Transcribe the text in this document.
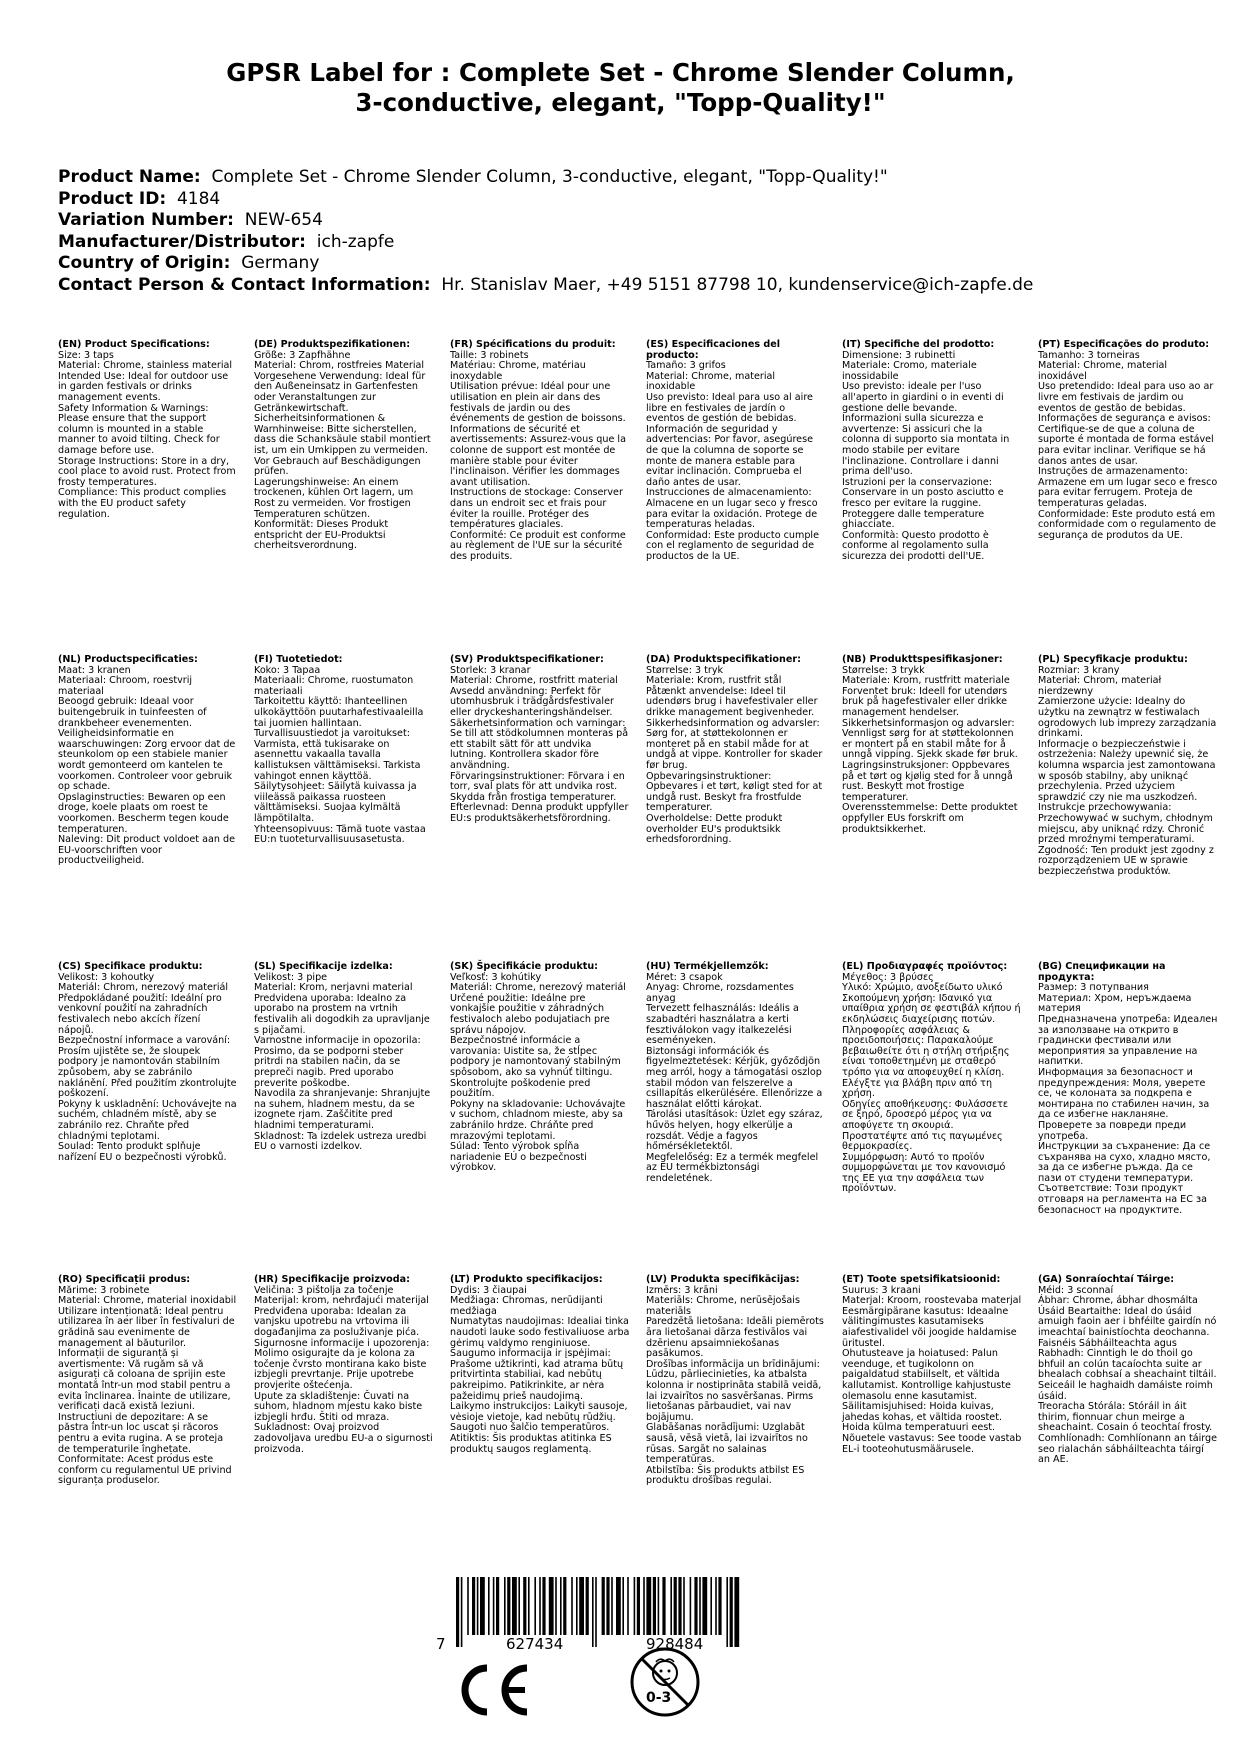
GPSR Label for : Complete Set - Chrome Slender Column,
3-conductive, elegant, "Topp-Quality!"
Product Name: Complete Set - Chrome Slender Column, 3-conductive, elegant, "Topp-Quality!"
Product ID: 4184
Variation Number: NEW-654
Manufacturer/Distributor: ich-zapfe
Country of Origin: Germany
Contact Person & Contact Information: Hr. Stanislav Maer, +49 5151 87798 10, kundenservice@ich-zapfe.de
(EN) Product Specifications:

Size: 3 taps

Material: Chrome, stainless material

Intended Use: Ideal for outdoor use in garden festivals or drinks management events.

Safety Information & Warnings: Please ensure that the support column is mounted in a stable manner to avoid tilting. Check for damage before use.

Storage Instructions: Store in a dry, cool place to avoid rust. Protect from frosty temperatures.

Compliance: This product complies with the EU product safety regulation.

(DE) Produktspezifikationen:

Größe: 3 Zapfhähne

Material: Chrom, rostfreies Material

Vorgesehene Verwendung: Ideal für den Außeneinsatz in Gartenfesten oder Veranstaltungen zur Getränkewirtschaft.

Sicherheitsinformationen & Warnhinweise: Bitte sicherstellen, dass die Schanksäule stabil montiert ist, um ein Umkippen zu vermeiden. Vor Gebrauch auf Beschädigungen prüfen.

Lagerungshinweise: An einem trockenen, kühlen Ort lagern, um Rost zu vermeiden. Vor frostigen Temperaturen schützen.

Konformität: Dieses Produkt entspricht der EU-Produktsi cherheitsverordnung.

(FR) Spécifications du produit:

Taille: 3 robinets

Matériau: Chrome, matériau inoxydable

Utilisation prévue: Idéal pour une utilisation en plein air dans des festivals de jardin ou des événements de gestion de boissons.

Informations de sécurité et avertissements: Assurez-vous que la colonne de support est montée de manière stable pour éviter l'inclinaison. Vérifier les dommages avant utilisation.

Instructions de stockage: Conserver dans un endroit sec et frais pour éviter la rouille. Protéger des températures glaciales.

Conformité: Ce produit est conforme au règlement de l'UE sur la sécurité des produits.

(ES) Especificaciones del producto:

Tamaño: 3 grifos

Material: Chrome, material inoxidable

Uso previsto: Ideal para uso al aire libre en festivales de jardín o eventos de gestión de bebidas.

Información de seguridad y advertencias: Por favor, asegúrese de que la columna de soporte se monte de manera estable para evitar inclinación. Comprueba el daño antes de usar.

Instrucciones de almacenamiento: Almacene en un lugar seco y fresco para evitar la oxidación. Protege de temperaturas heladas.

Conformidad: Este producto cumple con el reglamento de seguridad de productos de la UE.

(IT) Specifiche del prodotto:

Dimensione: 3 rubinetti

Materiale: Cromo, materiale inossidabile

Uso previsto: ideale per l'uso all'aperto in giardini o in eventi di gestione delle bevande.

Informazioni sulla sicurezza e avvertenze: Si assicuri che la colonna di supporto sia montata in modo stabile per evitare l'inclinazione. Controllare i danni prima dell'uso.

Istruzioni per la conservazione: Conservare in un posto asciutto e fresco per evitare la ruggine. Proteggere dalle temperature ghiacciate.

Conformità: Questo prodotto è conforme al regolamento sulla sicurezza dei prodotti dell'UE.

(PT) Especificações do produto:

Tamanho: 3 torneiras

Material: Chrome, material inoxidável

Uso pretendido: Ideal para uso ao ar livre em festivais de jardim ou eventos de gestão de bebidas.

Informações de segurança e avisos: Certifique-se de que a coluna de suporte é montada de forma estável para evitar inclinar. Verifique se há danos antes de usar.

Instruções de armazenamento: Armazene em um lugar seco e fresco para evitar ferrugem. Proteja de temperaturas geladas.

Conformidade: Este produto está em conformidade com o regulamento de segurança de produtos da UE.

(NL) Productspecificaties:

Maat: 3 kranen

Materiaal: Chroom, roestvrij materiaal

Beoogd gebruik: Ideaal voor buitengebruik in tuinfeesten of drankbeheer evenementen.

Veiligheidsinformatie en waarschuwingen: Zorg ervoor dat de steunkolom op een stabiele manier wordt gemonteerd om kantelen te voorkomen. Controleer voor gebruik op schade.

Opslaginstructies: Bewaren op een droge, koele plaats om roest te voorkomen. Bescherm tegen koude temperaturen.

Naleving: Dit product voldoet aan de EU-voorschriften voor productveiligheid.

(FI) Tuotetiedot:

Koko: 3 Tapaa

Materiaali: Chrome, ruostumaton materiaali

Tarkoitettu käyttö: Ihanteellinen ulkokäyttöön puutarhafestivaaleilla tai juomien hallintaan.

Turvallisuustiedot ja varoitukset: Varmista, että tukisarake on asennettu vakaalla tavalla kallistuksen välttämiseksi. Tarkista vahingot ennen käyttöä.

Säilytysohjeet: Säilytä kuivassa ja viileässä paikassa ruosteen välttämiseksi. Suojaa kylmältä lämpötilalta.

Yhteensopivuus: Tämä tuote vastaa EU:n tuoteturvallisuusasetusta.

(SV) Produktspecifikationer:

Storlek: 3 kranar

Material: Chrome, rostfritt material

Avsedd användning: Perfekt för utomhusbruk i trädgårdsfestivaler eller dryckeshanteringshändelser.

Säkerhetsinformation och varningar: Se till att stödkolumnen monteras på ett stabilt sätt för att undvika lutning. Kontrollera skador före användning.

Förvaringsinstruktioner: Förvara i en torr, sval plats för att undvika rost. Skydda från frostiga temperaturer.

Efterlevnad: Denna produkt uppfyller EU:s produktsäkerhetsförordning.

(DA) Produktspecifikationer:

Størrelse: 3 tryk

Materiale: Krom, rustfrit stål

Påtænkt anvendelse: Ideel til udendørs brug i havefestivaler eller drikke management begivenheder.

Sikkerhedsinformation og advarsler: Sørg for, at støttekolonnen er monteret på en stabil måde for at undgå at vippe. Kontroller for skader før brug.

Opbevaringsinstruktioner: Opbevares i et tørt, køligt sted for at undgå rust. Beskyt fra frostfulde temperaturer.

Overholdelse: Dette produkt overholder EU's produktsikk erhedsforordning.

(NB) Produkttspesifikasjoner:

Størrelse: 3 trykk

Materiale: Krom, rustfritt materiale

Forventet bruk: Ideell for utendørs bruk på hagefestivaler eller drikke management hendelser.

Sikkerhetsinformasjon og advarsler: Vennligst sørg for at støttekolonnen er montert på en stabil måte for å unngå vipping. Sjekk skade før bruk.

Lagringsinstruksjoner: Oppbevares på et tørt og kjølig sted for å unngå rust. Beskytt mot frostige temperaturer.

Overensstemmelse: Dette produktet oppfyller EUs forskrift om produktsikkerhet.

(PL) Specyfikacje produktu:

Rozmiar: 3 krany

Materiał: Chrom, materiał nierdzewny

Zamierzone użycie: Idealny do użytku na zewnątrz w festiwalach ogrodowych lub imprezy zarządzania drinkami.

Informacje o bezpieczeństwie i ostrzeżenia: Należy upewnić się, że kolumna wsparcia jest zamontowana w sposób stabilny, aby uniknąć przechylenia. Przed użyciem sprawdzić czy nie ma uszkodzeń.

Instrukcje przechowywania: Przechowywać w suchym, chłodnym miejscu, aby uniknąć rdzy. Chronić przed mroźnymi temperaturami.

Zgodność: Ten produkt jest zgodny z rozporządzeniem UE w sprawie bezpieczeństwa produktów.

(CS) Specifikace produktu:

Velikost: 3 kohoutky

Materiál: Chrom, nerezový materiál

Předpokládané použití: Ideální pro venkovní použití na zahradních festivalech nebo akcích řízení nápojů.

Bezpečnostní informace a varování: Prosím ujistěte se, že sloupek podpory je namontován stabilním způsobem, aby se zabránilo naklánění. Před použitím zkontrolujte poškození.

Pokyny k uskladnění: Uchovávejte na suchém, chladném místě, aby se zabránilo rez. Chraňte před chladnými teplotami.

Soulad: Tento produkt splňuje nařízení EU o bezpečnosti výrobků.

(SL) Specifikacije izdelka:

Velikost: 3 pipe

Material: Krom, nerjavni material

Predvidena uporaba: Idealno za uporabo na prostem na vrtnih festivalih ali dogodkih za upravljanje s pijačami.

Varnostne informacije in opozorila: Prosimo, da se podporni steber pritrdi na stabilen način, da se prepreči nagib. Pred uporabo preverite poškodbe.

Navodila za shranjevanje: Shranjujte na suhem, hladnem mestu, da se izognete rjam. Zaščitite pred hladnimi temperaturami.

Skladnost: Ta izdelek ustreza uredbi EU o varnosti izdelkov.

(SK) Špecifikácie produktu:

Veľkosť: 3 kohútiky

Materiál: Chrome, nerezový materiál

Určené použitie: Ideálne pre vonkajšie použitie v záhradných festivaloch alebo podujatiach pre správu nápojov.

Bezpečnostné informácie a varovania: Uistite sa, že stĺpec podpory je namontovaný stabilným spôsobom, ako sa vyhnúť tiltingu. Skontrolujte poškodenie pred použitím.

Pokyny na skladovanie: Uchovávajte v suchom, chladnom mieste, aby sa zabránilo hrdze. Chráňte pred mrazovými teplotami.

Súlad: Tento výrobok spĺňa nariadenie EÚ o bezpečnosti výrobkov.

(HU) Termékjellemzők:

Méret: 3 csapok

Anyag: Chrome, rozsdamentes anyag

Tervezett felhasználás: Ideális a szabadtéri használatra a kerti fesztiválokon vagy italkezelési eseményeken.

Biztonsági információk és figyelmeztetések: Kérjük, győződjön meg arról, hogy a támogatási oszlop stabil módon van felszerelve a csillapítás elkerülésére. Ellenőrizze a használat előtti károkat.

Tárolási utasítások: Üzlet egy száraz, hűvös helyen, hogy elkerülje a rozsdát. Védje a fagyos hőmérsékletektől.

Megfelelőség: Ez a termék megfelel az EU termékbiztonsági rendeletének.

(EL) Προδιαγραφές προϊόντος:

Μέγεθος: 3 βρύσες

Υλικό: Χρώμιο, ανοξείδωτο υλικό

Σκοπούμενη χρήση: Ιδανικό για υπαίθρια χρήση σε φεστιβάλ κήπου ή εκδηλώσεις διαχείρισης ποτών.

Πληροφορίες ασφάλειας & προειδοποιήσεις: Παρακαλούμε βεβαιωθείτε ότι η στήλη στήριξης είναι τοποθετημένη με σταθερό τρόπο για να αποφευχθεί η κλίση. Ελέγξτε για βλάβη πριν από τη χρήση.

Οδηγίες αποθήκευσης: Φυλάσσετε σε ξηρό, δροσερό μέρος για να αποφύγετε τη σκουριά. Προστατέψτε από τις παγωμένες θερμοκρασίες.

Συμμόρφωση: Αυτό το προϊόν συμμορφώνεται με τον κανονισμό της ΕΕ για την ασφάλεια των προϊόντων.

(BG) Спецификации на продукта:

Размер: 3 потупвания

Материал: Хром, неръждаема материя

Предназначена употреба: Идеален за използване на открито в градински фестивали или мероприятия за управление на напитки.

Информация за безопасност и предупреждения: Моля, уверете се, че колоната за подкрепа е монтирана по стабилен начин, за да се избегне накланяне. Проверете за повреди преди употреба.

Инструкции за съхранение: Да се съхранява на сухо, хладно място, за да се избегне ръжда. Да се пази от студени температури.

Съответствие: Този продукт отговаря на регламента на ЕС за безопасност на продуктите.

(RO) Specificații produs:

Mărime: 3 robinete

Material: Chrome, material inoxidabil

Utilizare intenționată: Ideal pentru utilizarea în aer liber în festivaluri de grădină sau evenimente de management al băuturilor.

Informații de siguranță și avertismente: Vă rugăm să vă asigurați că coloana de sprijin este montată într-un mod stabil pentru a evita înclinarea. Înainte de utilizare, verificați dacă există leziuni.

Instrucțiuni de depozitare: A se păstra într-un loc uscat și răcoros pentru a evita rugina. A se proteja de temperaturile înghețate.

Conformitate: Acest produs este conform cu regulamentul UE privind siguranța produselor.

(HR) Specifikacije proizvoda:

Veličina: 3 pištolja za točenje

Materijal: krom, nehrđajući materijal

Predviđena uporaba: Idealan za vanjsku upotrebu na vrtovima ili događanjima za posluživanje pića.

Sigurnosne informacije i upozorenja: Molimo osigurajte da je kolona za točenje čvrsto montirana kako biste izbjegli prevrtanje. Prije upotrebe provjerite oštećenja.

Upute za skladištenje: Čuvati na suhom, hladnom mjestu kako biste izbjegli hrđu. Štiti od mraza.

Sukladnost: Ovaj proizvod zadovoljava uredbu EU-a o sigurnosti proizvoda.

(LT) Produkto specifikacijos:

Dydis: 3 čiaupai

Medžiaga: Chromas, nerūdijanti medžiaga

Numatytas naudojimas: Idealiai tinka naudoti lauke sodo festivaliuose arba gėrimų valdymo renginiuose.

Saugumo informacija ir įspėjimai: Prašome užtikrinti, kad atrama būtų pritvirtinta stabiliai, kad nebūtų pakreipimo. Patikrinkite, ar nėra pažeidimų prieš naudojimą.

Laikymo instrukcijos: Laikyti sausoje, vėsioje vietoje, kad nebūtų rūdžių. Saugoti nuo šalčio temperatūros.

Atitiktis: Šis produktas atitinka ES produktų saugos reglamentą.

(LV) Produkta specifikācijas:

Izmērs: 3 krāni

Materiāls: Chrome, nerūsējošais materiāls

Paredzētā lietošana: Ideāli piemērots āra lietošanai dārza festivālos vai dzērienu apsaimniekošanas pasākumos.

Drošības informācija un brīdinājumi: Lūdzu, pārliecinieties, ka atbalsta kolonna ir nostiprināta stabilā veidā, lai izvairītos no sasvēršanas. Pirms lietošanas pārbaudiet, vai nav bojājumu.

Glabāšanas norādījumi: Uzglabāt sausā, vēsā vietā, lai izvairītos no rūsas. Sargāt no salainas temperatūras.

Atbilstība: Šis produkts atbilst ES produktu drošības regulai.

(ET) Toote spetsifikatsioonid:

Suurus: 3 kraani

Materjal: Kroom, roostevaba materjal

Eesmärgipärane kasutus: Ideaalne välitingimustes kasutamiseks aiafestivalidel või joogide haldamise üritustel.

Ohutusteave ja hoiatused: Palun veenduge, et tugikolonn on paigaldatud stabiilselt, et vältida kallutamist. Kontrollige kahjustuste olemasolu enne kasutamist.

Säilitamisjuhised: Hoida kuivas, jahedas kohas, et vältida roostet. Hoida külma temperatuuri eest.

Nõuetele vastavus: See toode vastab EL-i tooteohutusmäärusele.

(GA) Sonraíochtaí Táirge:

Méid: 3 sconnaí

Ábhar: Chrome, ábhar dhosmálta

Úsáid Beartaithe: Ideal do úsáid amuigh faoin aer i bhféilte gairdín nó imeachtaí bainistíochta deochanna.

Faisnéis Sábháilteachta agus Rabhadh: Cinntigh le do thoil go bhfuil an colún tacaíochta suite ar bhealach cobhsaí a sheachaint tiltáil. Seiceáil le haghaidh damáiste roimh úsáid.

Treoracha Stórála: Stóráil in áit thirim, fionnuar chun meirge a sheachaint. Cosain ó teochtaí frosty.

Comhlíonadh: Comhlíonann an táirge seo rialachán sábháilteachta táirgí an AE.

7	627434	928484
0-3
